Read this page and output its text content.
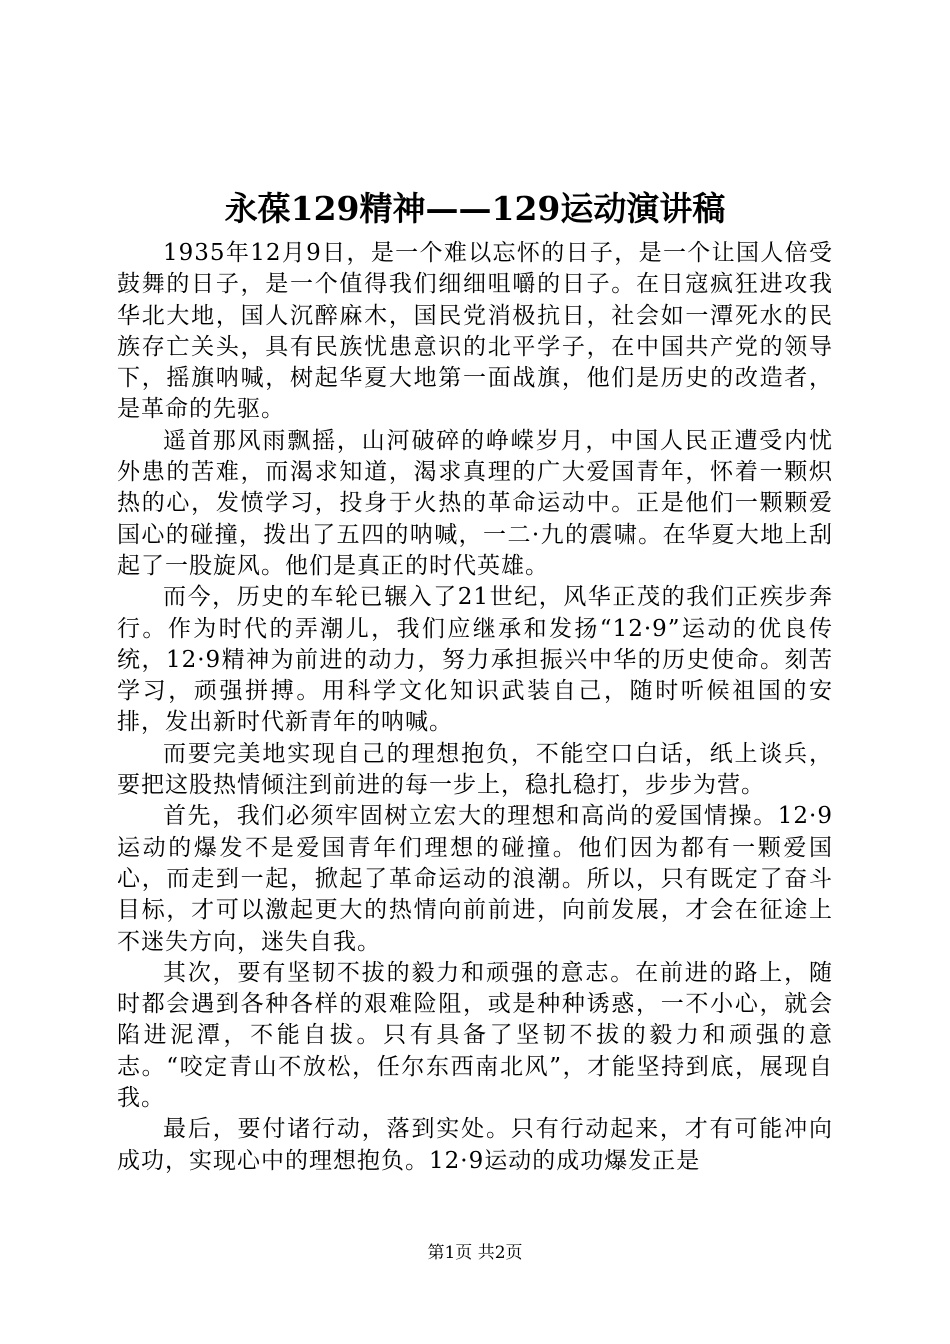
永葆129精神——129运动演讲稿

1935年12月9日，是一个难以忘怀的日子，是一个让国人倍受鼓舞的日子，是一个值得我们细细咀嚼的日子。在日寇疯狂进攻我华北大地，国人沉醉麻木，国民党消极抗日，社会如一潭死水的民族存亡关头，具有民族忧患意识的北平学子，在中国共产党的领导下，摇旗呐喊，树起华夏大地第一面战旗，他们是历史的改造者，是革命的先驱。

遥首那风雨飘摇，山河破碎的峥嵘岁月，中国人民正遭受内忧外患的苦难，而渴求知道，渴求真理的广大爱国青年，怀着一颗炽热的心，发愤学习，投身于火热的革命运动中。正是他们一颗颗爱国心的碰撞，拨出了五四的呐喊，一二·九的震啸。在华夏大地上刮起了一股旋风。他们是真正的时代英雄。

而今，历史的车轮已辗入了21世纪，风华正茂的我们正疾步奔行。作为时代的弄潮儿，我们应继承和发扬“12·9”运动的优良传统，12·9精神为前进的动力，努力承担振兴中华的历史使命。刻苦学习，顽强拼搏。用科学文化知识武装自己，随时听候祖国的安排，发出新时代新青年的呐喊。

而要完美地实现自己的理想抱负，不能空口白话，纸上谈兵，要把这股热情倾注到前进的每一步上，稳扎稳打，步步为营。

首先，我们必须牢固树立宏大的理想和高尚的爱国情操。12·9运动的爆发不是爱国青年们理想的碰撞。他们因为都有一颗爱国心，而走到一起，掀起了革命运动的浪潮。所以，只有既定了奋斗目标，才可以激起更大的热情向前前进，向前发展，才会在征途上不迷失方向，迷失自我。

其次，要有坚韧不拔的毅力和顽强的意志。在前进的路上，随时都会遇到各种各样的艰难险阻，或是种种诱惑，一不小心，就会陷进泥潭，不能自拔。只有具备了坚韧不拔的毅力和顽强的意志。“咬定青山不放松，任尔东西南北风”，才能坚持到底，展现自我。

最后，要付诸行动，落到实处。只有行动起来，才有可能冲向成功，实现心中的理想抱负。12·9运动的成功爆发正是

第1页 共2页
